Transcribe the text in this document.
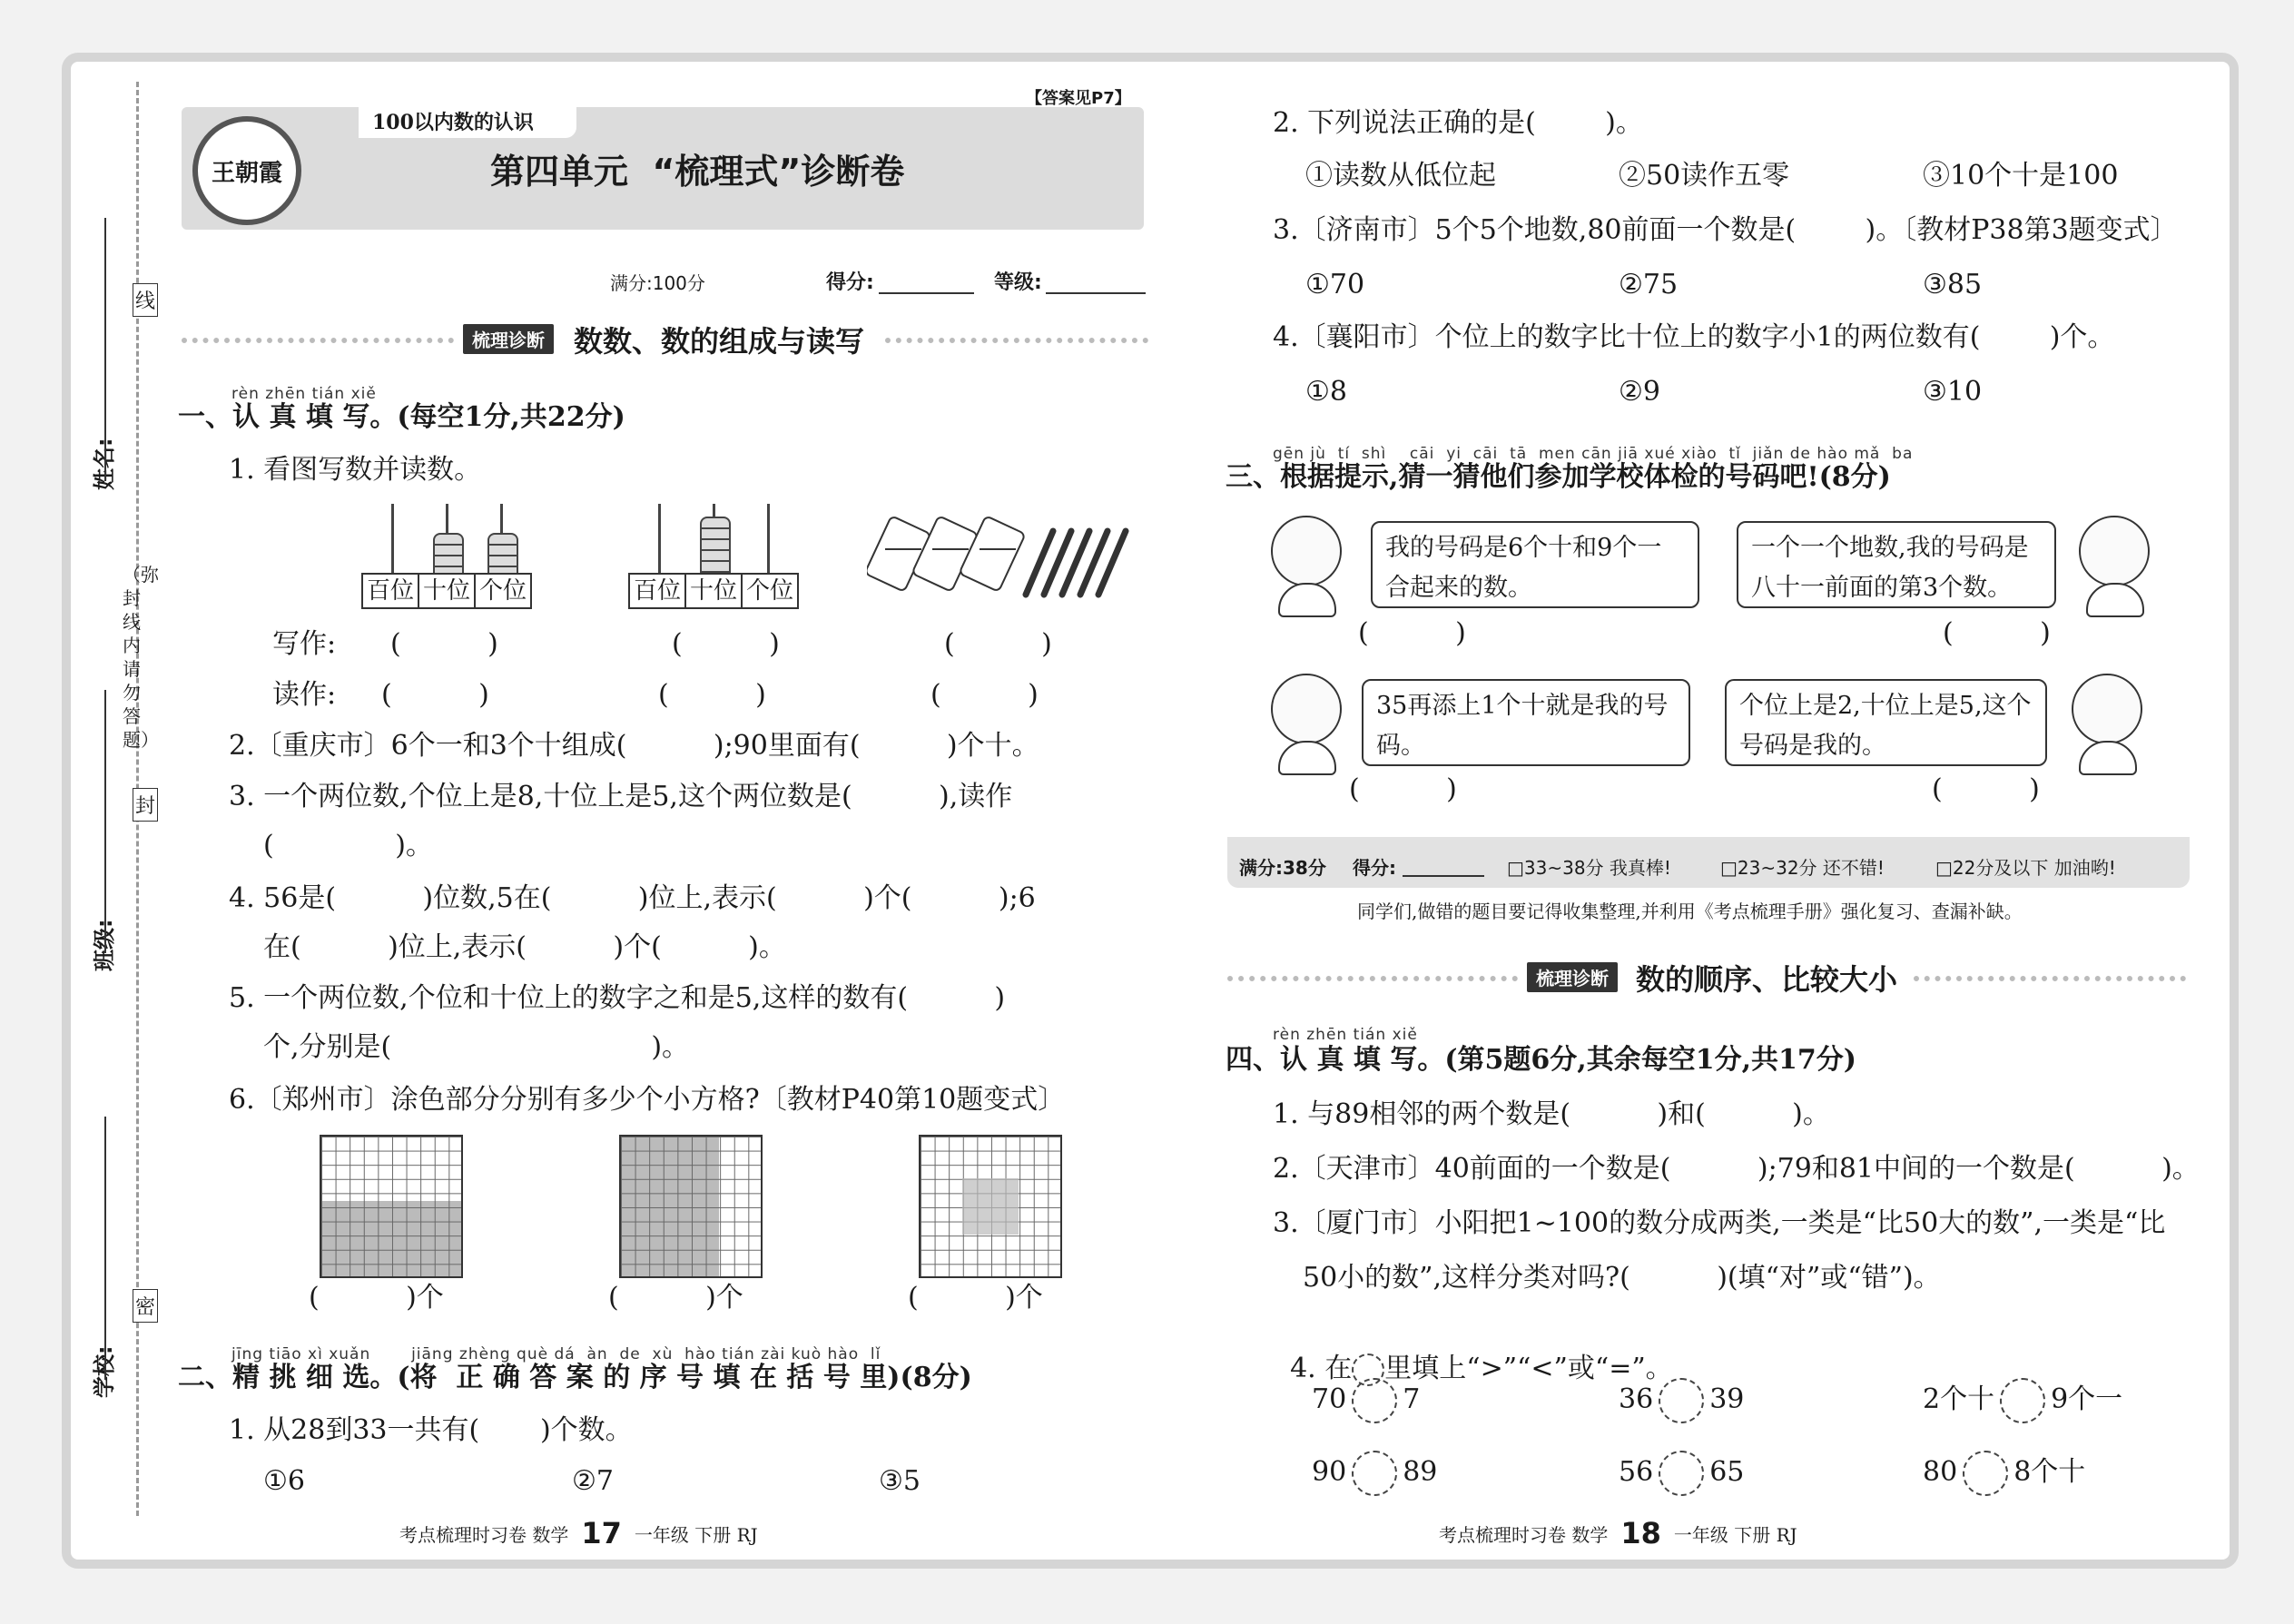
线
封
密
（弥封线内请勿答题）
姓名:
班级:
学校:
100以内数的认识
【答案见P7】
王朝霞	第四单元  “梳理式”诊断卷
满分:100分	得分:	等级:
梳理诊断	数数、数的组成与读写
rèn zhēn tián xiě
一、认 真 填 写。(每空1分,共22分)
1. 看图写数并读数。
百位 十位 个位	百位 十位 个位
写作: (          )	(          )	(          )
读作: (          )	(          )	(          )
2.〔重庆市〕6个一和3个十组成(          );90里面有(          )个十。
3. 一个两位数,个位上是8,十位上是5,这个两位数是(          ),读作
(              )。
4. 56是(          )位数,5在(          )位上,表示(          )个(          );6
在(          )位上,表示(          )个(          )。
5. 一个两位数,个位和十位上的数字之和是5,这样的数有(          )
个,分别是(                              )。
6.〔郑州市〕涂色部分分别有多少个小方格?〔教材P40第10题变式〕
(          )个	(          )个	(          )个
jīng tiāo xì xuǎn       jiāng zhèng què dá  àn  de  xù  hào tián zài kuò hào  lǐ
二、精 挑 细 选。(将  正 确 答 案 的 序 号 填 在 括 号 里)(8分)
1. 从28到33一共有(       )个数。
①6	②7	③5
考点梳理时习卷 数学 17 一年级 下册 RJ
2. 下列说法正确的是(        )。
①读数从低位起	②50读作五零	③10个十是100
3.〔济南市〕5个5个地数,80前面一个数是(        )。〔教材P38第3题变式〕
①70	②75	③85
4.〔襄阳市〕个位上的数字比十位上的数字小1的两位数有(        )个。
①8	②9	③10
gēn jù  tí  shì    cāi  yi  cāi  tā  men cān jiā xué xiào  tǐ  jiǎn de hào mǎ  ba
三、根据提示,猜一猜他们参加学校体检的号码吧!(8分)
我的号码是6个十和9个一合起来的数。
(          )
一个一个地数,我的号码是八十一前面的第3个数。
(          )
35再添上1个十就是我的号码。
(          )
个位上是2,十位上是5,这个号码是我的。
(          )
满分:38分 得分:	□33~38分 我真棒!	□23~32分 还不错!	□22分及以下 加油哟!
同学们,做错的题目要记得收集整理,并利用《考点梳理手册》强化复习、查漏补缺。
梳理诊断 数的顺序、比较大小
rèn zhēn tián xiě
四、认 真 填 写。(第5题6分,其余每空1分,共17分)
1. 与89相邻的两个数是(          )和(          )。
2.〔天津市〕40前面的一个数是(          );79和81中间的一个数是(          )。
3.〔厦门市〕小阳把1~100的数分成两类,一类是“比50大的数”,一类是“比
50小的数”,这样分类对吗?(          )(填“对”或“错”)。

4. 在 里填上“>”“<”或“=”。

70 7	36 39	2个十 9个一
90 89	56 65	80 8个十
考点梳理时习卷 数学 18 一年级 下册 RJ
